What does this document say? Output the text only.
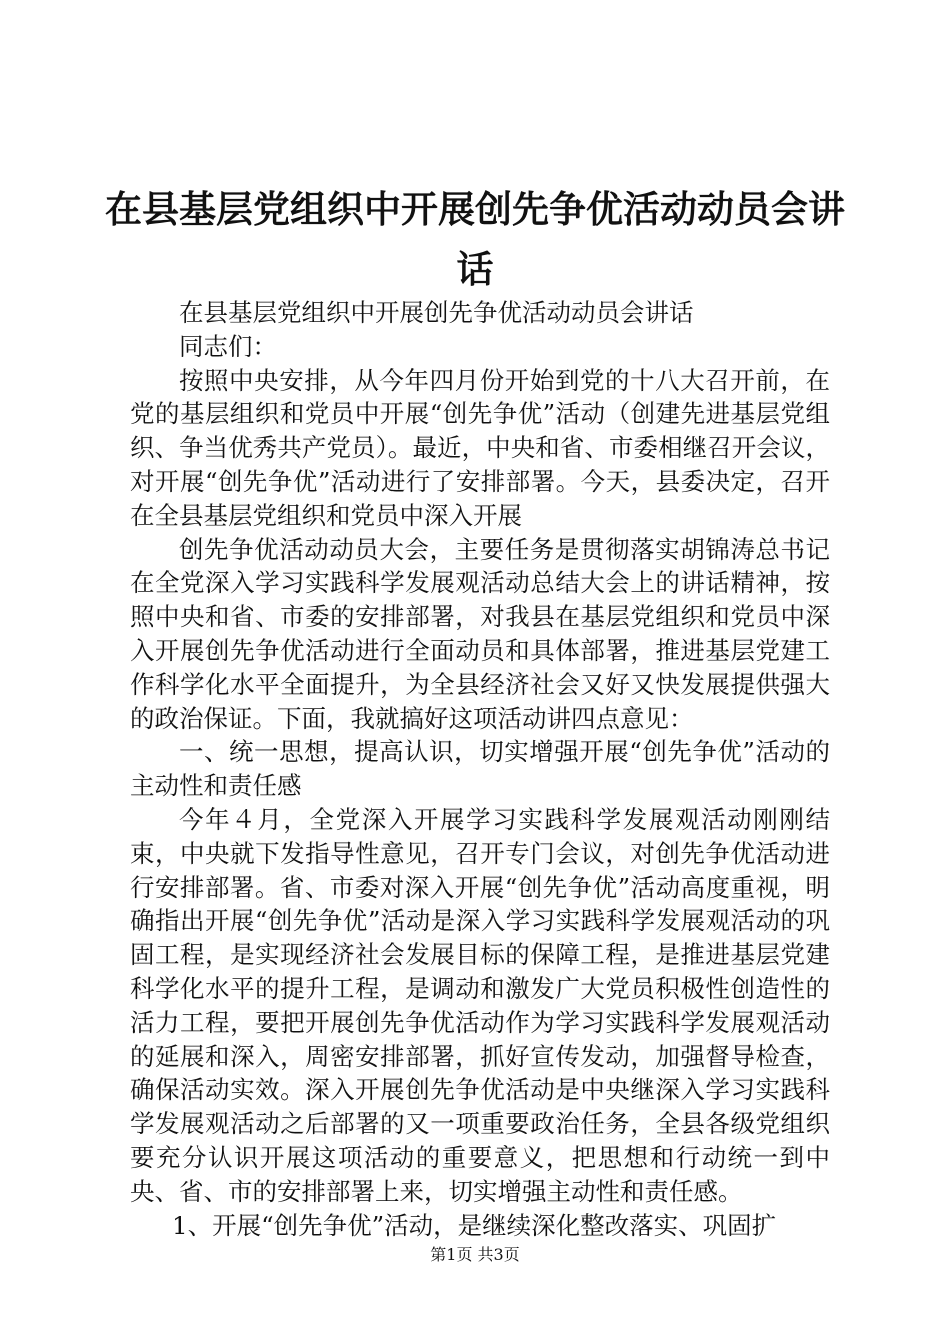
在县基层党组织中开展创先争优活动动员会讲话

在县基层党组织中开展创先争优活动动员会讲话

同志们：

按照中央安排，从今年四月份开始到党的十八大召开前，在党的基层组织和党员中开展“创先争优”活动（创建先进基层党组织、争当优秀共产党员）。最近，中央和省、市委相继召开会议，对开展“创先争优”活动进行了安排部署。今天，县委决定，召开在全县基层党组织和党员中深入开展

创先争优活动动员大会，主要任务是贯彻落实胡锦涛总书记在全党深入学习实践科学发展观活动总结大会上的讲话精神，按照中央和省、市委的安排部署，对我县在基层党组织和党员中深入开展创先争优活动进行全面动员和具体部署，推进基层党建工作科学化水平全面提升，为全县经济社会又好又快发展提供强大的政治保证。下面，我就搞好这项活动讲四点意见：

一、统一思想，提高认识，切实增强开展“创先争优”活动的主动性和责任感

今年４月，全党深入开展学习实践科学发展观活动刚刚结束，中央就下发指导性意见，召开专门会议，对创先争优活动进行安排部署。省、市委对深入开展“创先争优”活动高度重视，明确指出开展“创先争优”活动是深入学习实践科学发展观活动的巩固工程，是实现经济社会发展目标的保障工程，是推进基层党建科学化水平的提升工程，是调动和激发广大党员积极性创造性的活力工程，要把开展创先争优活动作为学习实践科学发展观活动的延展和深入，周密安排部署，抓好宣传发动，加强督导检查，确保活动实效。深入开展创先争优活动是中央继深入学习实践科学发展观活动之后部署的又一项重要政治任务，全县各级党组织要充分认识开展这项活动的重要意义，把思想和行动统一到中央、省、市的安排部署上来，切实增强主动性和责任感。

1、开展“创先争优”活动，是继续深化整改落实、巩固扩

第1页 共3页
